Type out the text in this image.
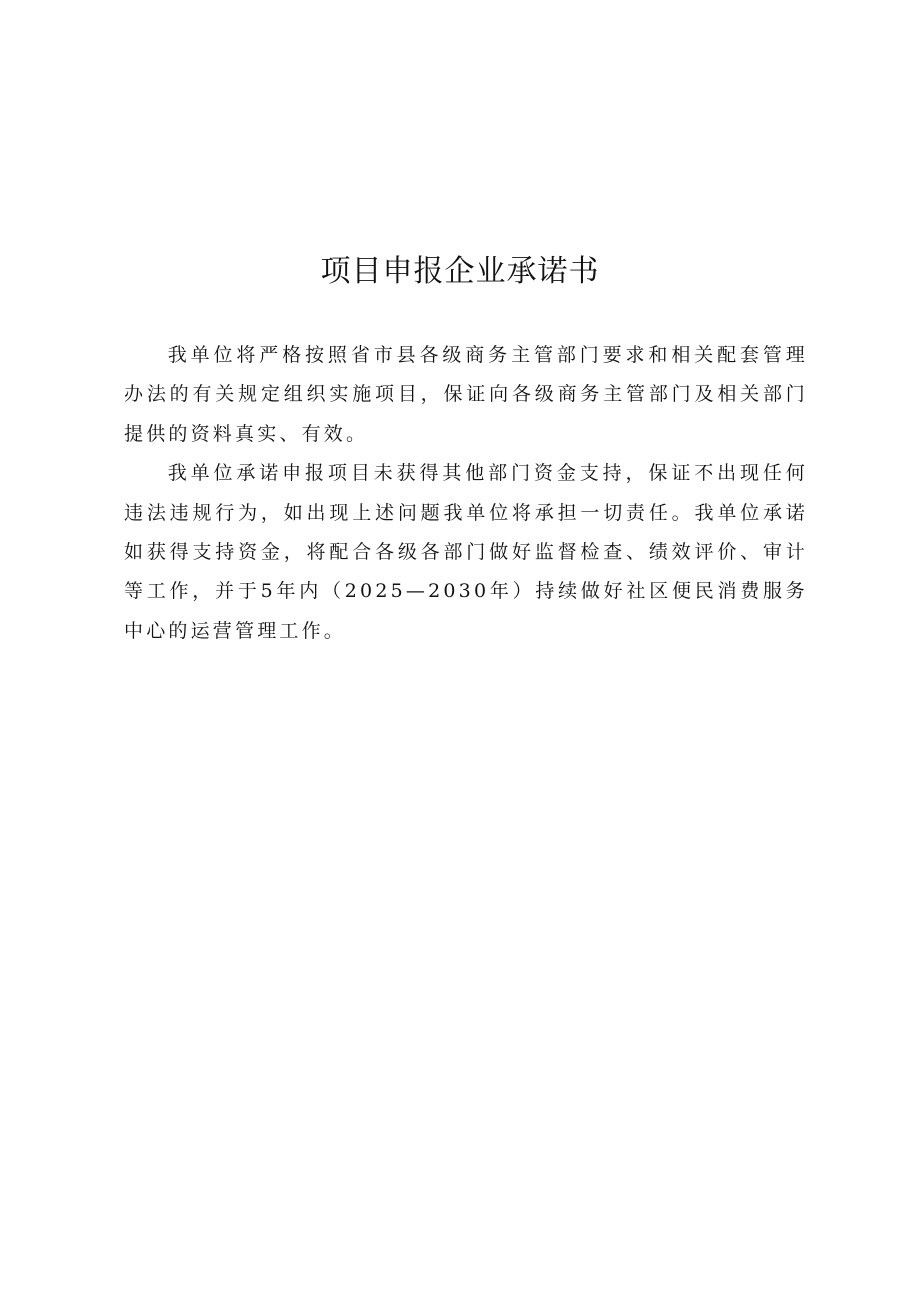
项目申报企业承诺书

我单位将严格按照省市县各级商务主管部门要求和相关配套管理办法的有关规定组织实施项目，保证向各级商务主管部门及相关部门提供的资料真实、有效。

我单位承诺申报项目未获得其他部门资金支持，保证不出现任何违法违规行为，如出现上述问题我单位将承担一切责任。我单位承诺如获得支持资金，将配合各级各部门做好监督检查、绩效评价、审计等工作，并于5年内（2025—2030年）持续做好社区便民消费服务中心的运营管理工作。
